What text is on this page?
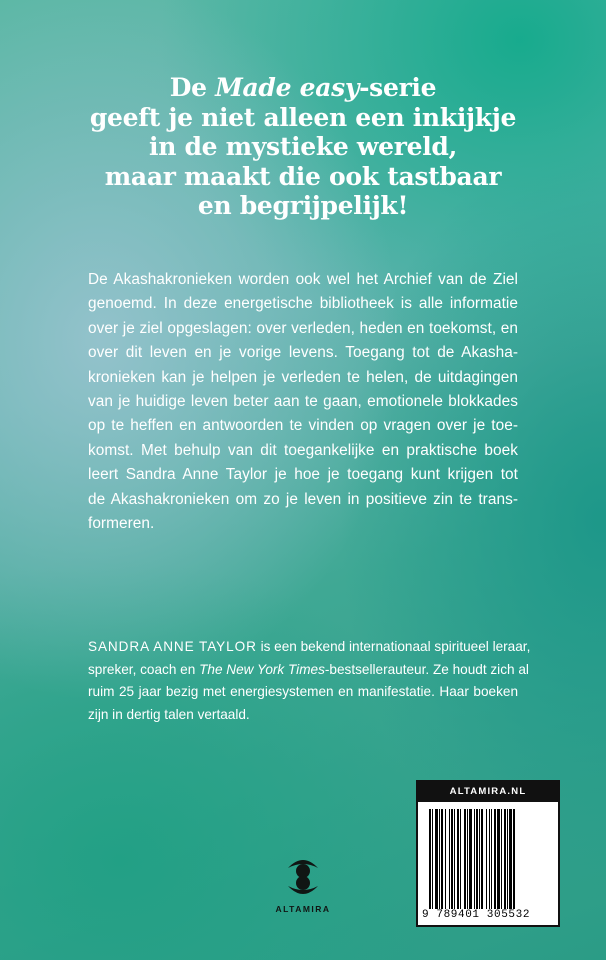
De Made easy-serie
geeft je niet alleen een inkijkje
in de mystieke wereld,
maar maakt die ook tastbaar
en begrijpelijk!

De Akashakronieken worden ook wel het Archief van de Ziel
genoemd. In deze energetische bibliotheek is alle informatie
over je ziel opgeslagen: over verleden, heden en toekomst, en
over dit leven en je vorige levens. Toegang tot de Akasha-
kronieken kan je helpen je verleden te helen, de uitdagingen
van je huidige leven beter aan te gaan, emotionele blokkades
op te heffen en antwoorden te vinden op vragen over je toe-
komst. Met behulp van dit toegankelijke en praktische boek
leert Sandra Anne Taylor je hoe je toegang kunt krijgen tot
de Akashakronieken om zo je leven in positieve zin te trans-
formeren.

SANDRA ANNE TAYLOR is een bekend internationaal spiritueel leraar,
spreker, coach en The New York Times-bestsellerauteur. Ze houdt zich al
ruim 25 jaar bezig met energiesystemen en manifestatie. Haar boeken
zijn in dertig talen vertaald.

ALTAMIRA
ALTAMIRA.NL
9 789401 305532
